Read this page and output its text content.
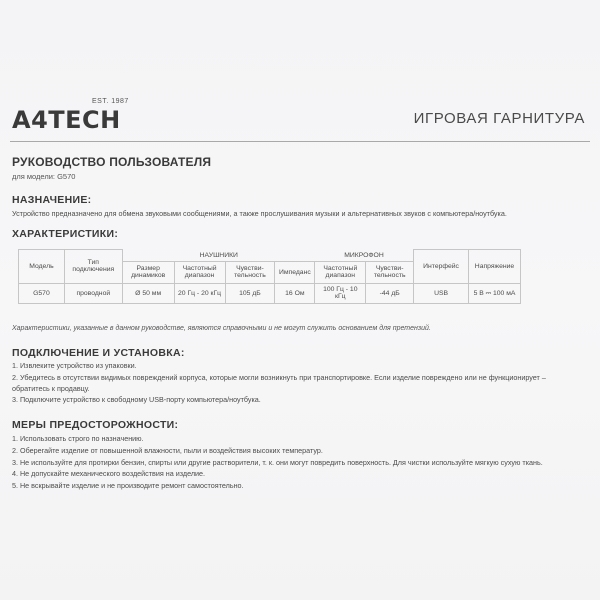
A4TECH
EST. 1987
ИГРОВАЯ ГАРНИТУРА
РУКОВОДСТВО ПОЛЬЗОВАТЕЛЯ
для модели: G570
НАЗНАЧЕНИЕ:
Устройство предназначено для обмена звуковыми сообщениями, а также прослушивания музыки и альтернативных звуков с компьютера/ноутбука.
ХАРАКТЕРИСТИКИ:
Модель	Тип подключения	НАУШНИКИ				МИКРОФОН		Интерфейс	Напряжение
		Размер динамиков	Частотный диапазон	Чувстви- тельность	Импеданс	Частотный диапазон	Чувстви- тельность		
G570	проводной	Ø 50 мм	20 Гц - 20 кГц	105 дБ	16 Ом	100 Гц - 10 кГц	-44 дБ	USB	5 В ⎓ 100 мА
Характеристики, указанные в данном руководстве, являются справочными и не могут служить основанием для претензий.
ПОДКЛЮЧЕНИЕ И УСТАНОВКА:
1. Извлеките устройство из упаковки.
2. Убедитесь в отсутствии видимых повреждений корпуса, которые могли возникнуть при транспортировке. Если изделие повреждено или не функционирует –
обратитесь к продавцу.
3. Подключите устройство к свободному USB-порту компьютера/ноутбука.
МЕРЫ ПРЕДОСТОРОЖНОСТИ:
1. Использовать строго по назначению.
2. Оберегайте изделие от повышенной влажности, пыли и воздействия высоких температур.
3. Не используйте для протирки бензин, спирты или другие растворители, т. к. они могут повредить поверхность. Для чистки используйте мягкую сухую ткань.
4. Не допускайте механического воздействия на изделие.
5. Не вскрывайте изделие и не производите ремонт самостоятельно.
